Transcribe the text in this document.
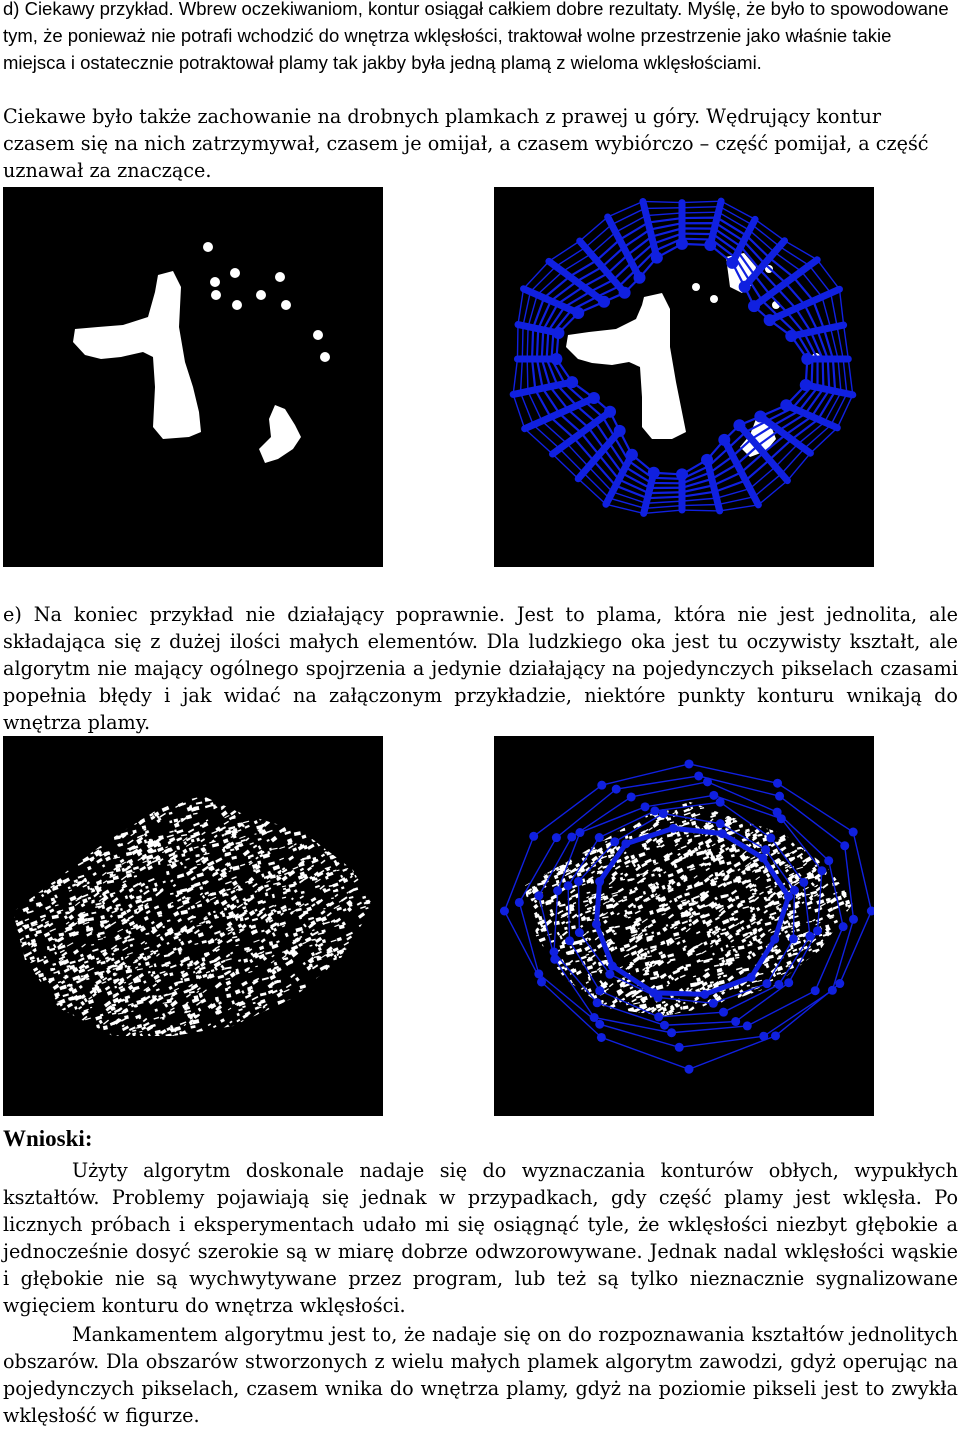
d) Ciekawy przykład. Wbrew oczekiwaniom, kontur osiągał całkiem dobre rezultaty. Myślę, że było to spowodowane tym, że ponieważ nie potrafi wchodzić do wnętrza wklęsłości, traktował wolne przestrzenie jako właśnie takie miejsca i ostatecznie potraktował plamy tak jakby była jedną plamą z wieloma wklęsłościami.

Ciekawe było także zachowanie na drobnych plamkach z prawej u góry. Wędrujący kontur czasem się na nich zatrzymywał, czasem je omijał, a czasem wybiórczo – część pomijał, a część uznawał za znaczące.

e) Na koniec przykład nie działający poprawnie. Jest to plama, która nie jest jednolita, ale składająca się z dużej ilości małych elementów. Dla ludzkiego oka jest tu oczywisty kształt, ale algorytm nie mający ogólnego spojrzenia a jedynie działający na pojedynczych pikselach czasami popełnia błędy i jak widać na załączonym przykładzie, niektóre punkty konturu wnikają do wnętrza plamy.

Wnioski:

Użyty algorytm doskonale nadaje się do wyznaczania konturów obłych, wypukłych kształtów. Problemy pojawiają się jednak w przypadkach, gdy część plamy jest wklęsła. Po licznych próbach i eksperymentach udało mi się osiągnąć tyle, że wklęsłości niezbyt głębokie a jednocześnie dosyć szerokie są w miarę dobrze odwzorowywane. Jednak nadal wklęsłości wąskie i głębokie nie są wychwytywane przez program, lub też są tylko nieznacznie sygnalizowane wgięciem konturu do wnętrza wklęsłości.

Mankamentem algorytmu jest to, że nadaje się on do rozpoznawania kształtów jednolitych obszarów. Dla obszarów stworzonych z wielu małych plamek algorytm zawodzi, gdyż operując na pojedynczych pikselach, czasem wnika do wnętrza plamy, gdyż na poziomie pikseli jest to zwykła wklęsłość w figurze.
